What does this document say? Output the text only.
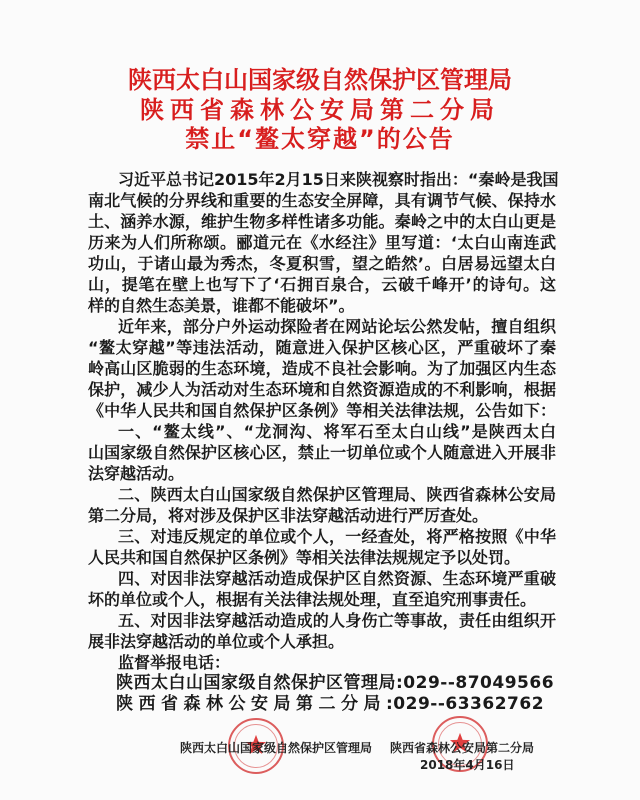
陕西太白山国家级自然保护区管理局
陕西省森林公安局第二分局
禁止“鳌太穿越”的公告
习近平总书记2015年2月15日来陕视察时指出：“秦岭是我国
南北气候的分界线和重要的生态安全屏障，具有调节气候、保持水
土、涵养水源，维护生物多样性诸多功能。秦岭之中的太白山更是
历来为人们所称颂。郦道元在《水经注》里写道：‘太白山南连武
功山，于诸山最为秀杰，冬夏积雪，望之皓然’。白居易远望太白
山，提笔在壁上也写下了‘石拥百泉合，云破千峰开’的诗句。这
样的自然生态美景，谁都不能破坏”。
近年来，部分户外运动探险者在网站论坛公然发帖，擅自组织
“鳌太穿越”等违法活动，随意进入保护区核心区，严重破坏了秦
岭高山区脆弱的生态环境，造成不良社会影响。为了加强区内生态
保护，减少人为活动对生态环境和自然资源造成的不利影响，根据
《中华人民共和国自然保护区条例》等相关法律法规，公告如下：
一、“鳌太线”、“龙洞沟、将军石至太白山线”是陕西太白
山国家级自然保护区核心区，禁止一切单位或个人随意进入开展非
法穿越活动。
二、陕西太白山国家级自然保护区管理局、陕西省森林公安局
第二分局，将对涉及保护区非法穿越活动进行严厉查处。
三、对违反规定的单位或个人，一经查处，将严格按照《中华
人民共和国自然保护区条例》等相关法律法规规定予以处罚。
四、对因非法穿越活动造成保护区自然资源、生态环境严重破
坏的单位或个人，根据有关法律法规处理，直至追究刑事责任。
五、对因非法穿越活动造成的人身伤亡等事故，责任由组织开
展非法穿越活动的单位或个人承担。
监督举报电话：
陕西太白山国家级自然保护区管理局:029--87049566
陕西省森林公安局第二分局:029--63362762
陕西太白山国家级自然保护区管理局 陕西省森林公安局第二分局
2018年4月16日
